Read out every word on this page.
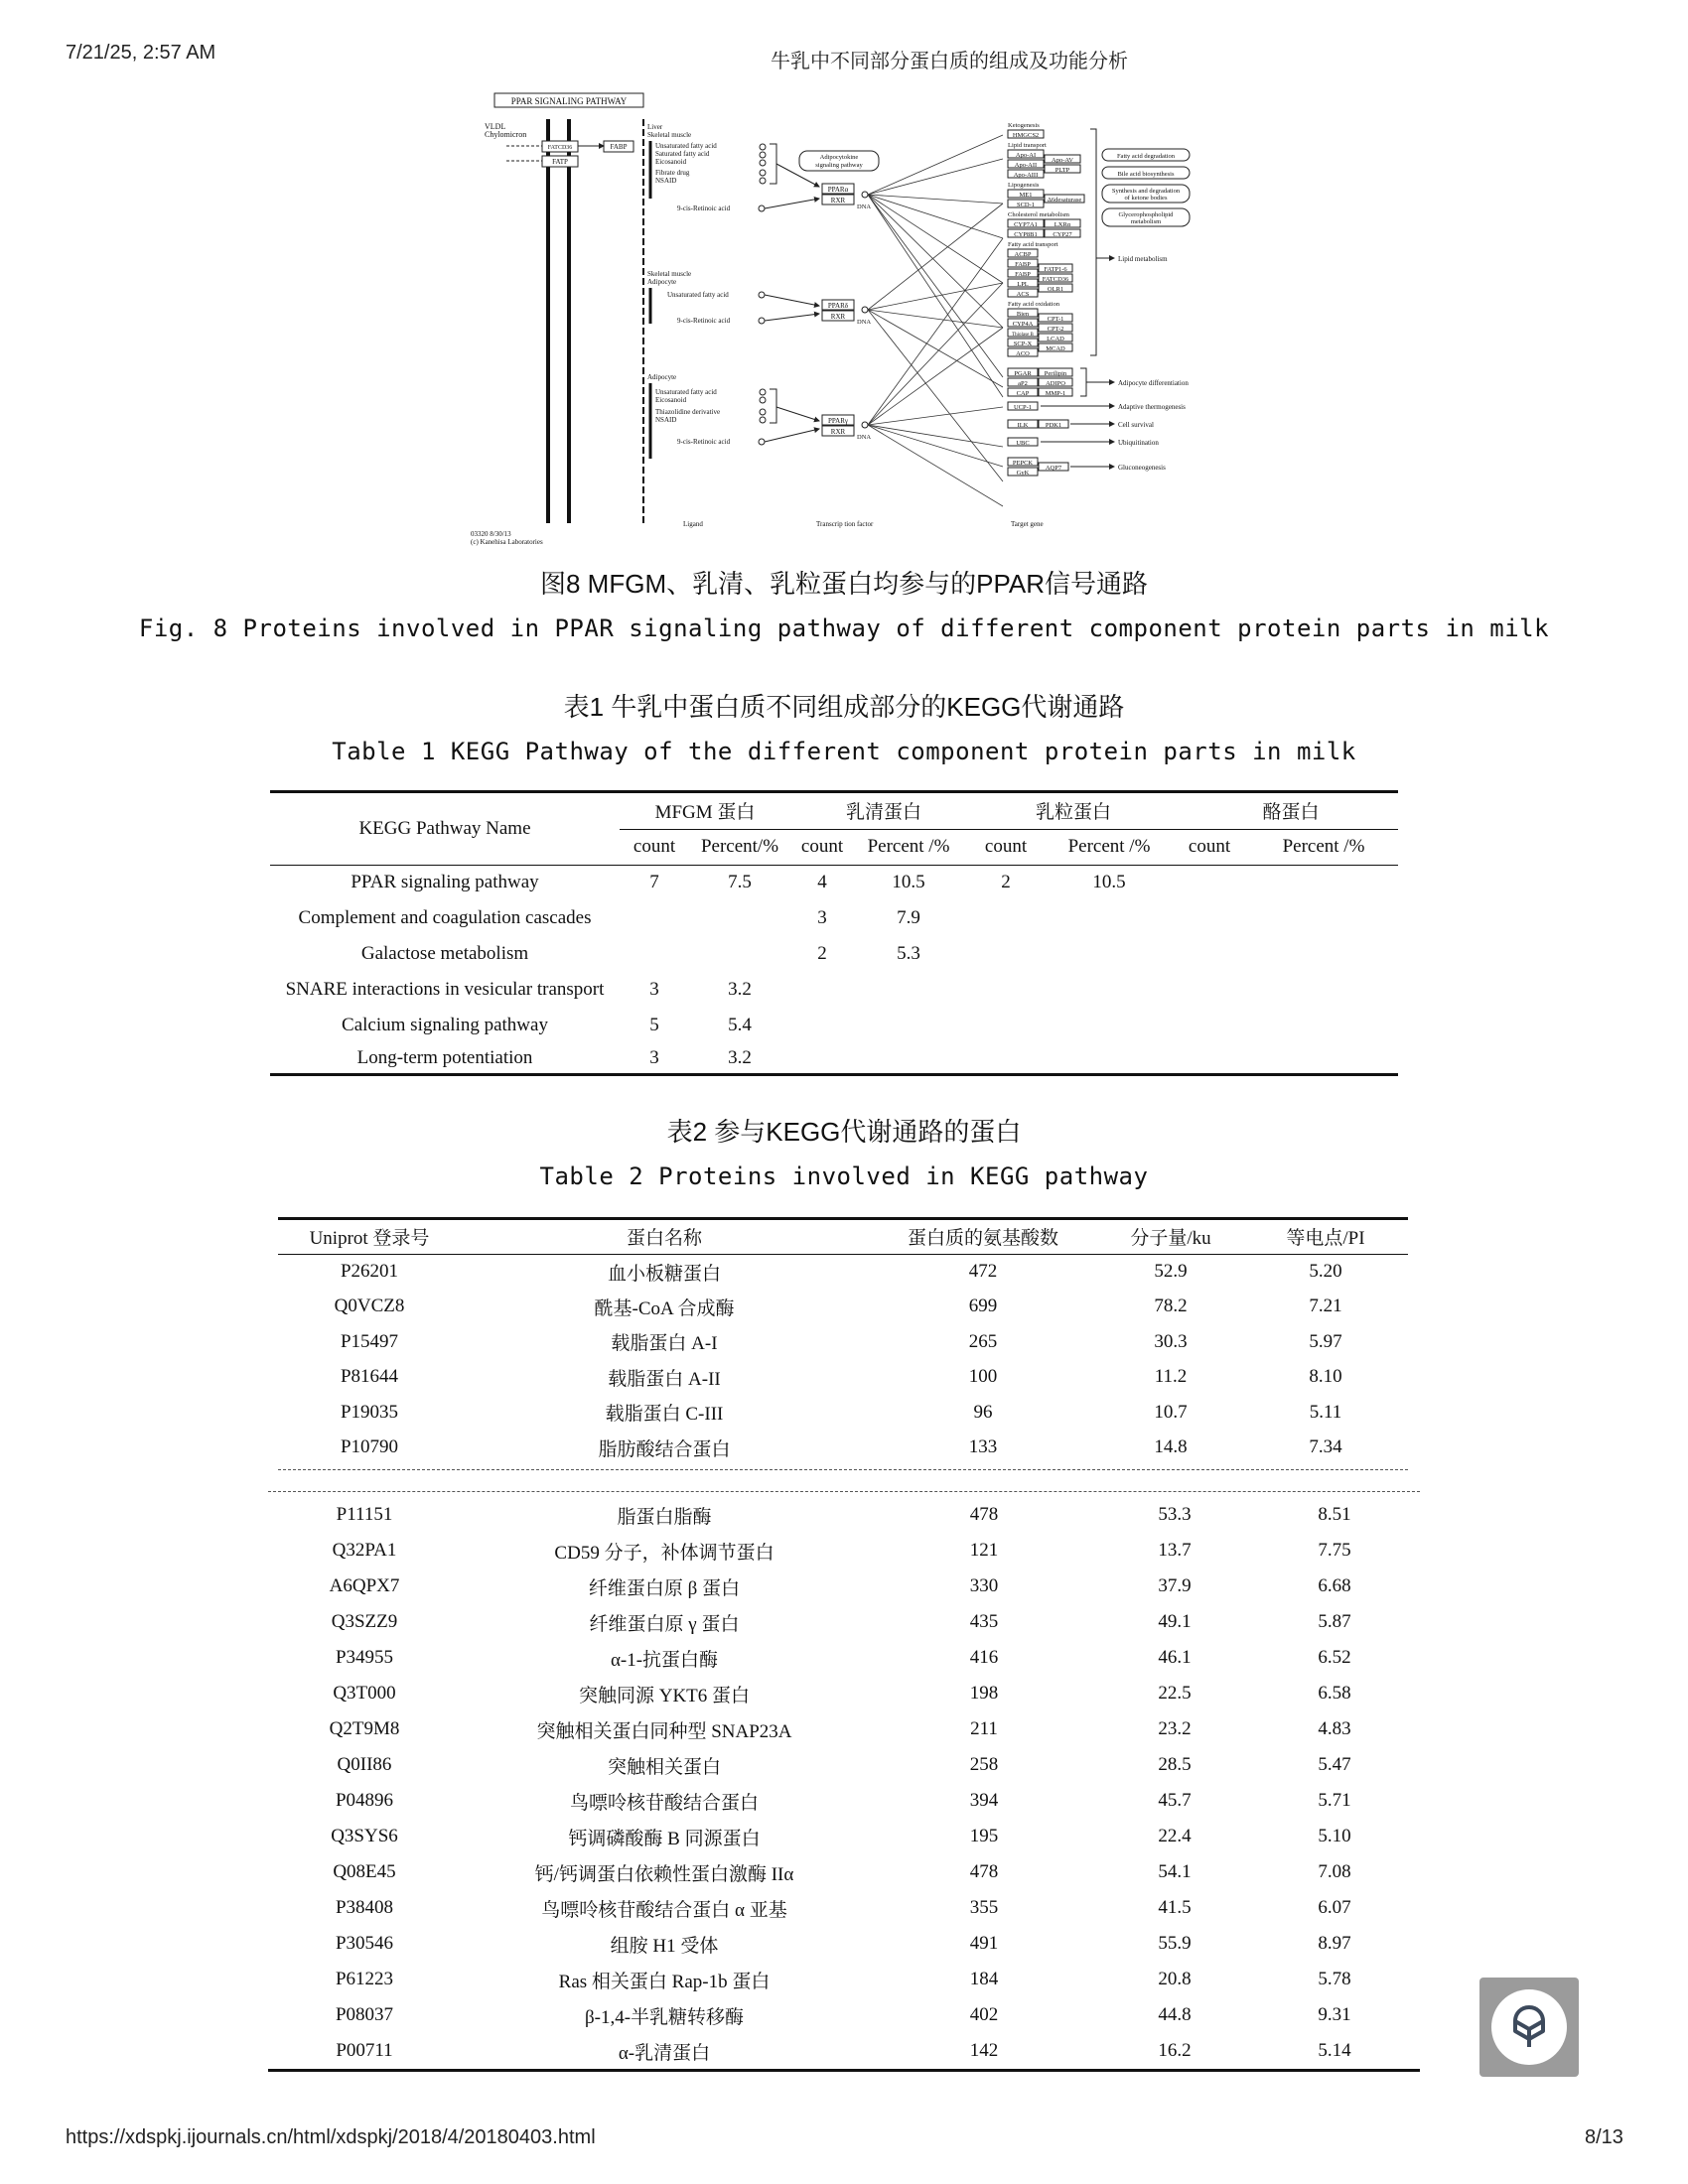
7/21/25, 2:57 AM	牛乳中不同部分蛋白质的组成及功能分析
PPAR SIGNALING PATHWAY
VLDL
Chylomicron
FATCD36
FATP
FABP
Liver
Skeletal muscle
Unsaturated fatty acid
Saturated fatty acid
Eicosanoid
Fibrate drug
NSAID
9-cis-Retinoic acid
Adipocytokine
signaling pathway
PPARα
RXR
DNA
Skeletal muscle
Adipocyte
Unsaturated fatty acid
9-cis-Retinoic acid
PPARδ
RXR
DNA
Adipocyte
Unsaturated fatty acid
Eicosanoid
Thiazolidine derivative
NSAID
9-cis-Retinoic acid
PPARγ
RXR
DNA
Ketogenesis
HMGCS2
Lipid transport
Apo-AI
Apo-AV
Apo-AII
PLTP
Apo-AIII
Lipogenesis
ME1
Δ6desaturase
SCD-1
Cholesterol metabolism
CYP7A1	LXRα
CYP8B1 CYP27
Fatty acid transport
ACBP
FABP
FATP1-6
FABP
FATCD36
LPL
OLR1
ACS
Fatty acid oxidation
Bien
CYP4A
CPT-1
Thiolase B
CPT-2
SCP-X
LCAD
ACO
MCAD
PGAR Perilipin
aP2	ADIPO
CAP	MMP-1
UCP-1
ILK	PDK1
UBC
PEPCK
GyK
AQP7
Lipid metabolism
Fatty acid degradation
Bile acid biosynthesis
Synthesis and degradation
of ketone bodies
Glycerophospholipid
metabolism
Adipocyte differentiation
Adaptive thermogenesis
Cell survival
Ubiquitination
Gluconeogenesis
03320 8/30/13
(c) Kanehisa Laboratories
Ligand	Transcrip tion factor	Target gene
图8 MFGM、乳清、乳粒蛋白均参与的PPAR信号通路
Fig. 8 Proteins involved in PPAR signaling pathway of different component protein parts in milk
表1 牛乳中蛋白质不同组成部分的KEGG代谢通路
Table 1 KEGG Pathway of the different component protein parts in milk
KEGG Pathway Name	MFGM 蛋白		乳清蛋白		乳粒蛋白		酪蛋白	
	count	Percent/%	count	Percent /%	count	Percent /%	count	Percent /%
PPAR signaling pathway	7	7.5	4	10.5	2	10.5		
Complement and coagulation cascades			3	7.9				
Galactose metabolism			2	5.3				
SNARE interactions in vesicular transport	3	3.2						
Calcium signaling pathway	5	5.4						
Long-term potentiation	3	3.2						
表2 参与KEGG代谢通路的蛋白
Table 2 Proteins involved in KEGG pathway
Uniprot 登录号	蛋白名称	蛋白质的氨基酸数	分子量/ku	等电点/PI
P26201	血小板糖蛋白	472	52.9	5.20
Q0VCZ8	酰基-CoA 合成酶	699	78.2	7.21
P15497	载脂蛋白 A-I	265	30.3	5.97
P81644	载脂蛋白 A-II	100	11.2	8.10
P19035	载脂蛋白 C-III	96	10.7	5.11
P10790	脂肪酸结合蛋白	133	14.8	7.34
P11151	脂蛋白脂酶	478	53.3	8.51
Q32PA1	CD59 分子，补体调节蛋白	121	13.7	7.75
A6QPX7	纤维蛋白原 β 蛋白	330	37.9	6.68
Q3SZZ9	纤维蛋白原 γ 蛋白	435	49.1	5.87
P34955	α-1-抗蛋白酶	416	46.1	6.52
Q3T000	突触同源 YKT6 蛋白	198	22.5	6.58
Q2T9M8	突触相关蛋白同种型 SNAP23A	211	23.2	4.83
Q0II86	突触相关蛋白	258	28.5	5.47
P04896	鸟嘌呤核苷酸结合蛋白	394	45.7	5.71
Q3SYS6	钙调磷酸酶 B 同源蛋白	195	22.4	5.10
Q08E45	钙/钙调蛋白依赖性蛋白激酶 IIα	478	54.1	7.08
P38408	鸟嘌呤核苷酸结合蛋白 α 亚基	355	41.5	6.07
P30546	组胺 H1 受体	491	55.9	8.97
P61223	Ras 相关蛋白 Rap-1b 蛋白	184	20.8	5.78
P08037	β-1,4-半乳糖转移酶	402	44.8	9.31
P00711	α-乳清蛋白	142	16.2	5.14
https://xdspkj.ijournals.cn/html/xdspkj/2018/4/20180403.html	8/13
